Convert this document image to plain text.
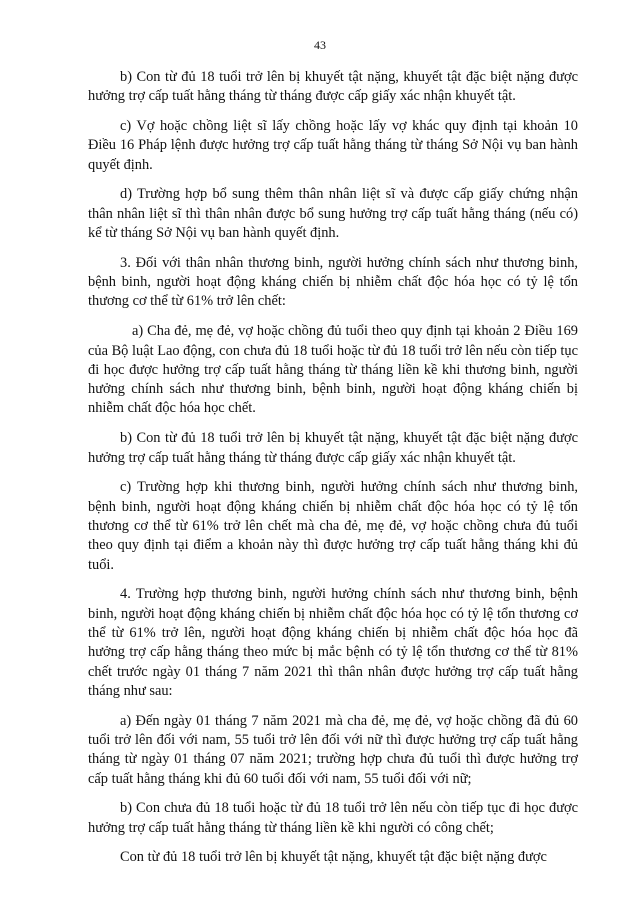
43

b) Con từ đủ 18 tuổi trở lên bị khuyết tật nặng, khuyết tật đặc biệt nặng được hưởng trợ cấp tuất hằng tháng từ tháng được cấp giấy xác nhận khuyết tật.

c) Vợ hoặc chồng liệt sĩ lấy chồng hoặc lấy vợ khác quy định tại khoản 10 Điều 16 Pháp lệnh được hưởng trợ cấp tuất hằng tháng từ tháng Sở Nội vụ ban hành quyết định.

d) Trường hợp bổ sung thêm thân nhân liệt sĩ và được cấp giấy chứng nhận thân nhân liệt sĩ thì thân nhân được bổ sung hưởng trợ cấp tuất hằng tháng (nếu có) kể từ tháng Sở Nội vụ ban hành quyết định.

3. Đối với thân nhân thương binh, người hưởng chính sách như thương binh, bệnh binh, người hoạt động kháng chiến bị nhiễm chất độc hóa học có tỷ lệ tổn thương cơ thể từ 61% trở lên chết:

a) Cha đẻ, mẹ đẻ, vợ hoặc chồng đủ tuổi theo quy định tại khoản 2 Điều 169 của Bộ luật Lao động, con chưa đủ 18 tuổi hoặc từ đủ 18 tuổi trở lên nếu còn tiếp tục đi học được hưởng trợ cấp tuất hằng tháng từ tháng liền kề khi thương binh, người hưởng chính sách như thương binh, bệnh binh, người hoạt động kháng chiến bị nhiễm chất độc hóa học chết.

b) Con từ đủ 18 tuổi trở lên bị khuyết tật nặng, khuyết tật đặc biệt nặng được hưởng trợ cấp tuất hằng tháng từ tháng được cấp giấy xác nhận khuyết tật.

c) Trường hợp khi thương binh, người hưởng chính sách như thương binh, bệnh binh, người hoạt động kháng chiến bị nhiễm chất độc hóa học có tỷ lệ tổn thương cơ thể từ 61% trở lên chết mà cha đẻ, mẹ đẻ, vợ hoặc chồng chưa đủ tuổi theo quy định tại điểm a khoản này thì được hưởng trợ cấp tuất hằng tháng khi đủ tuổi.

4. Trường hợp thương binh, người hưởng chính sách như thương binh, bệnh binh, người hoạt động kháng chiến bị nhiễm chất độc hóa học có tỷ lệ tổn thương cơ thể từ 61% trở lên, người hoạt động kháng chiến bị nhiễm chất độc hóa học đã hưởng trợ cấp hằng tháng theo mức bị mắc bệnh có tỷ lệ tổn thương cơ thể từ 81% chết trước ngày 01 tháng 7 năm 2021 thì thân nhân được hưởng trợ cấp tuất hằng tháng như sau:

a) Đến ngày 01 tháng 7 năm 2021 mà cha đẻ, mẹ đẻ, vợ hoặc chồng đã đủ 60 tuổi trở lên đối với nam, 55 tuổi trở lên đối với nữ thì được hưởng trợ cấp tuất hằng tháng từ ngày 01 tháng 07 năm 2021; trường hợp chưa đủ tuổi thì được hưởng trợ cấp tuất hằng tháng khi đủ 60 tuổi đối với nam, 55 tuổi đối với nữ;

b) Con chưa đủ 18 tuổi hoặc từ đủ 18 tuổi trở lên nếu còn tiếp tục đi học được hưởng trợ cấp tuất hằng tháng từ tháng liền kề khi người có công chết;

Con từ đủ 18 tuổi trở lên bị khuyết tật nặng, khuyết tật đặc biệt nặng được
